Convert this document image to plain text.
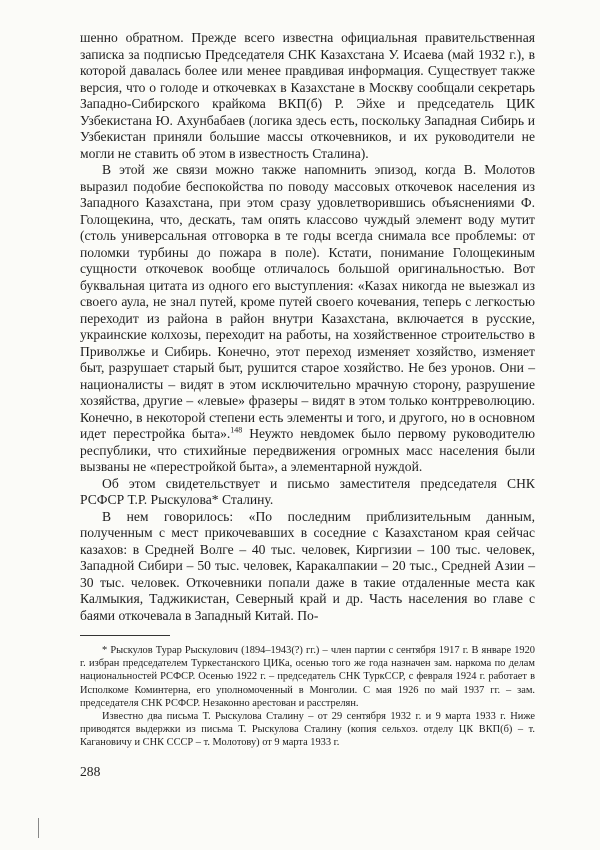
шенно обратном. Прежде всего известна официальная правительственная записка за подписью Председателя СНК Казахстана У. Исаева (май 1932 г.), в которой давалась более или менее правдивая информация. Существует также версия, что о голоде и откочевках в Казахстане в Москву сообщали секретарь Западно-Сибирского крайкома ВКП(б) Р. Эйхе и председатель ЦИК Узбекистана Ю. Ахунбабаев (логика здесь есть, поскольку Западная Сибирь и Узбекистан приняли большие массы откочевников, и их руководители не могли не ставить об этом в известность Сталина).

В этой же связи можно также напомнить эпизод, когда В. Молотов выразил подобие беспокойства по поводу массовых откочевок населения из Западного Казахстана, при этом сразу удовлетворившись объяснениями Ф. Голощекина, что, дескать, там опять классово чуждый элемент воду мутит (столь универсальная отговорка в те годы всегда снимала все проблемы: от поломки турбины до пожара в поле). Кстати, понимание Голощекиным сущности откочевок вообще отличалось большой оригинальностью. Вот буквальная цитата из одного его выступления: «Казах никогда не выезжал из своего аула, не знал путей, кроме путей своего кочевания, теперь с легкостью переходит из района в район внутри Казахстана, включается в русские, украинские колхозы, переходит на работы, на хозяйственное строительство в Приволжье и Сибирь. Конечно, этот переход изменяет хозяйство, изменяет быт, разрушает старый быт, рушится старое хозяйство. Не без уронов. Они – националисты – видят в этом исключительно мрачную сторону, разрушение хозяйства, другие – «левые» фразеры – видят в этом только контрреволюцию. Конечно, в некоторой степени есть элементы и того, и другого, но в основном идет перестройка быта».$^{148}$ Неужто невдомек было первому руководителю республики, что стихийные передвижения огромных масс населения были вызваны не «перестройкой быта», а элементарной нуждой.

Об этом свидетельствует и письмо заместителя председателя СНК РСФСР Т.Р. Рыскулова* Сталину.

В нем говорилось: «По последним приблизительным данным, полученным с мест прикочевавших в соседние с Казахстаном края сейчас казахов: в Средней Волге – 40 тыс. человек, Киргизии – 100 тыс. человек, Западной Сибири – 50 тыс. человек, Каракалпакии – 20 тыс., Средней Азии – 30 тыс. человек. Откочевники попали даже в такие отдаленные места как Калмыкия, Таджикистан, Северный край и др. Часть населения во главе с баями откочевала в Западный Китай. По-

* Рыскулов Турар Рыскулович (1894–1943(?) гг.) – член партии с сентября 1917 г. В январе 1920 г. избран председателем Туркестанского ЦИКа, осенью того же года назначен зам. наркома по делам национальностей РСФСР. Осенью 1922 г. – председатель СНК ТуркССР, с февраля 1924 г. работает в Исполкоме Коминтерна, его уполномоченный в Монголии. С мая 1926 по май 1937 гг. – зам. председателя СНК РСФСР. Незаконно арестован и расстрелян.

Известно два письма Т. Рыскулова Сталину – от 29 сентября 1932 г. и 9 марта 1933 г. Ниже приводятся выдержки из письма Т. Рыскулова Сталину (копия сельхоз. отделу ЦК ВКП(б) – т. Кагановичу и СНК СССР – т. Молотову) от 9 марта 1933 г.

288
